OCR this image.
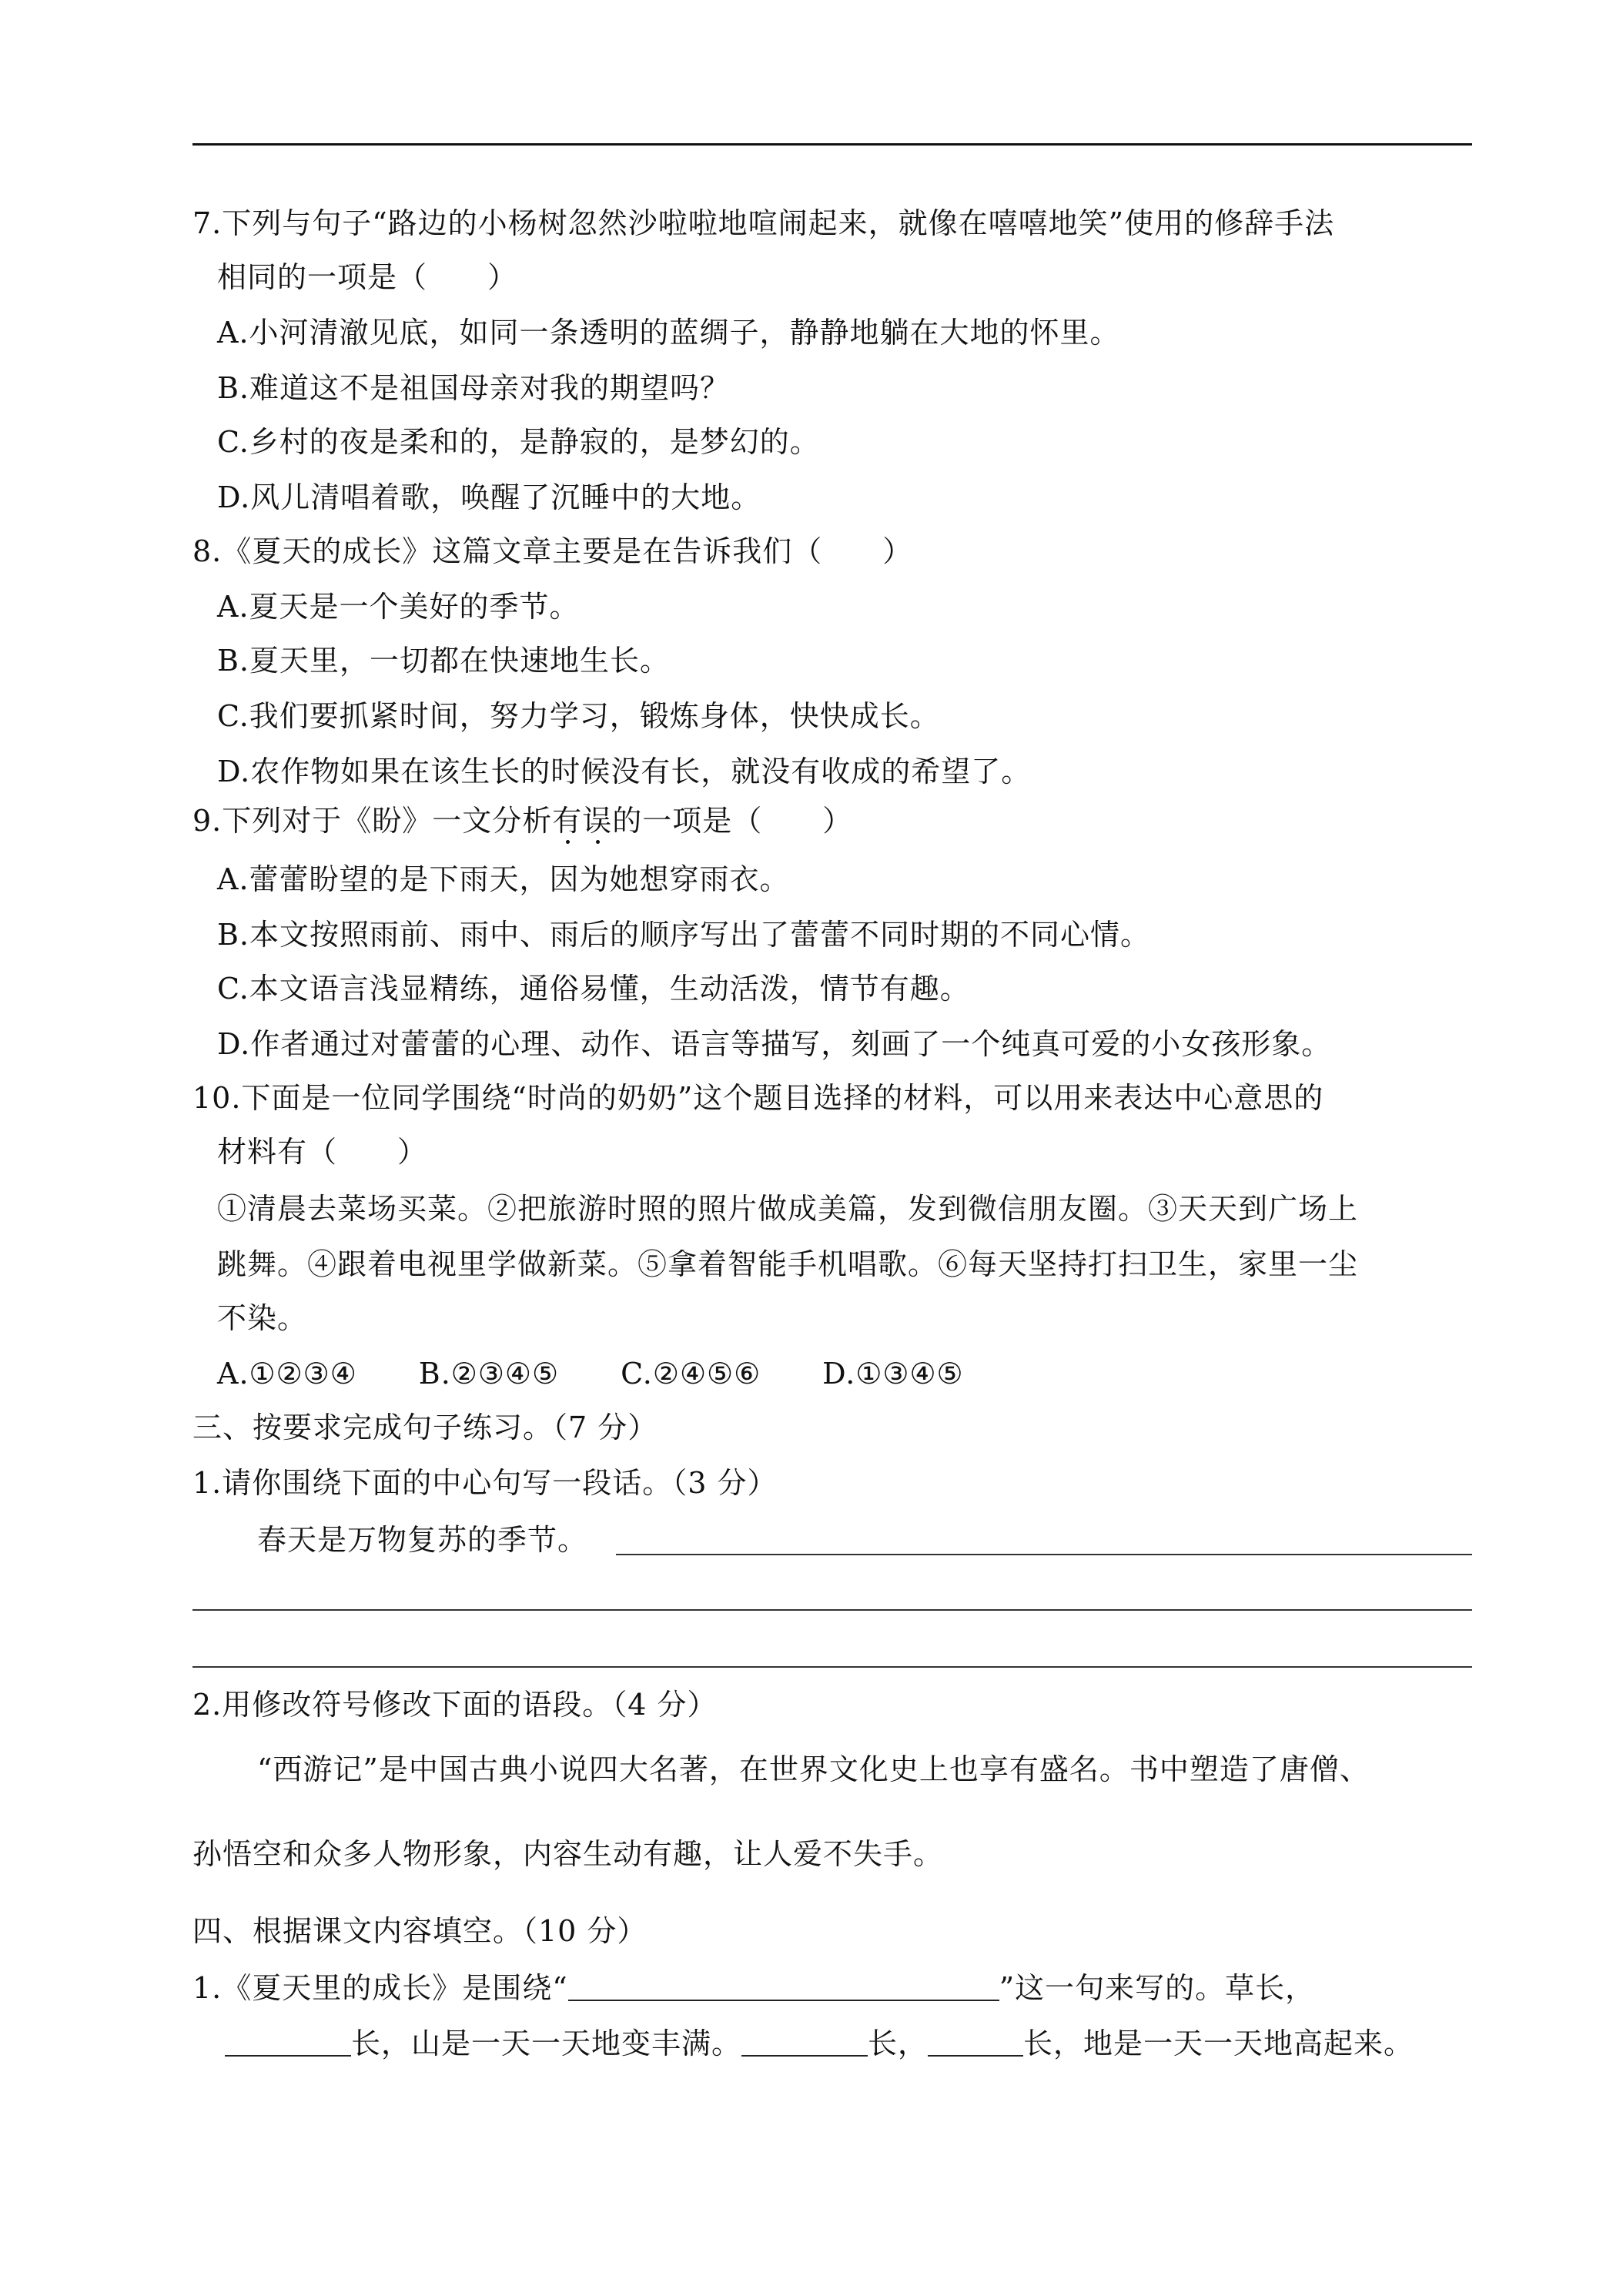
7.下列与句子“路边的小杨树忽然沙啦啦地喧闹起来，就像在嘻嘻地笑”使用的修辞手法
相同的一项是（　　）
A.小河清澈见底，如同一条透明的蓝绸子，静静地躺在大地的怀里。
B.难道这不是祖国母亲对我的期望吗？
C.乡村的夜是柔和的，是静寂的，是梦幻的。
D.风儿清唱着歌，唤醒了沉睡中的大地。
8.《夏天的成长》这篇文章主要是在告诉我们（　　）
A.夏天是一个美好的季节。
B.夏天里，一切都在快速地生长。
C.我们要抓紧时间，努力学习，锻炼身体，快快成长。
D.农作物如果在该生长的时候没有长，就没有收成的希望了。
9.下列对于《盼》一文分析有误的一项是（　　）
A.蕾蕾盼望的是下雨天，因为她想穿雨衣。
B.本文按照雨前、雨中、雨后的顺序写出了蕾蕾不同时期的不同心情。
C.本文语言浅显精练，通俗易懂，生动活泼，情节有趣。
D.作者通过对蕾蕾的心理、动作、语言等描写，刻画了一个纯真可爱的小女孩形象。
10.下面是一位同学围绕“时尚的奶奶”这个题目选择的材料，可以用来表达中心意思的
材料有（　　）
①清晨去菜场买菜。②把旅游时照的照片做成美篇，发到微信朋友圈。③天天到广场上
跳舞。④跟着电视里学做新菜。⑤拿着智能手机唱歌。⑥每天坚持打扫卫生，家里一尘
不染。
A.①②③④ B.②③④⑤ C.②④⑤⑥ D.①③④⑤
三、按要求完成句子练习。（7 分）
1.请你围绕下面的中心句写一段话。（3 分）
春天是万物复苏的季节。
2.用修改符号修改下面的语段。（4 分）
“西游记”是中国古典小说四大名著，在世界文化史上也享有盛名。书中塑造了唐僧、
孙悟空和众多人物形象，内容生动有趣，让人爱不失手。
四、根据课文内容填空。（10 分）
1.《夏天里的成长》是围绕“	”这一句来写的。草长，
长，山是一天一天地变丰满。	长，	长，地是一天一天地高起来。
